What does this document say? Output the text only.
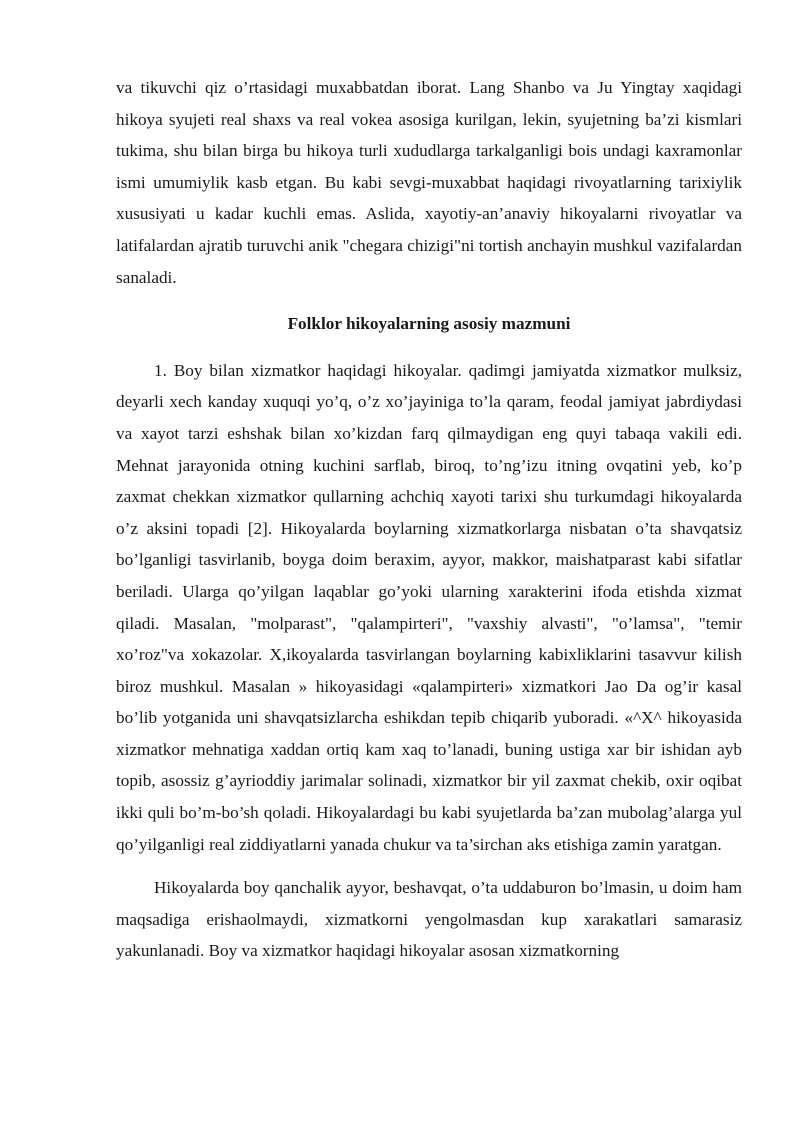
va tikuvchi qiz o’rtasidagi muxabbatdan iborat. Lang Shanbo va Ju Yingtay xaqidagi hikoya syujeti real shaxs va real vokea asosiga kurilgan, lekin, syujetning ba’zi kismlari tukima, shu bilan birga bu hikoya turli xududlarga tarkalganligi bois undagi kaxramonlar ismi umumiylik kasb etgan. Bu kabi sevgi-muxabbat haqidagi rivoyatlarning tarixiylik xususiyati u kadar kuchli emas. Aslida, xayotiy-an’anaviy hikoyalarni rivoyatlar va latifalardan ajratib turuvchi anik "chegara chizigi"ni tortish anchayin mushkul vazifalardan sanaladi.

Folklor hikoyalarning asosiy mazmuni

1. Boy bilan xizmatkor haqidagi hikoyalar. qadimgi jamiyatda xizmatkor mulksiz, deyarli xech kanday xuquqi yo’q, o’z xo’jayiniga to’la qaram, feodal jamiyat jabrdiydasi va xayot tarzi eshshak bilan xo’kizdan farq qilmaydigan eng quyi tabaqa vakili edi. Mehnat jarayonida otning kuchini sarflab, biroq, to’ng’izu itning ovqatini yeb, ko’p zaxmat chekkan xizmatkor qullarning achchiq xayoti tarixi shu turkumdagi hikoyalarda o’z aksini topadi [2]. Hikoyalarda boylarning xizmatkorlarga nisbatan o’ta shavqatsiz bo’lganligi tasvirlanib, boyga doim beraxim, ayyor, makkor, maishatparast kabi sifatlar beriladi. Ularga qo’yilgan laqablar go’yoki ularning xarakterini ifoda etishda xizmat qiladi. Masalan, "molparast", "qalampirteri", "vaxshiy alvasti", "o’lamsa", "temir xo’roz"va xokazolar. X,ikoyalarda tasvirlangan boylarning kabixliklarini tasavvur kilish biroz mushkul. Masalan » hikoyasidagi «qalampirteri» xizmatkori Jao Da og’ir kasal bo’lib yotganida uni shavqatsizlarcha eshikdan tepib chiqarib yuboradi. «^X^ hikoyasida xizmatkor mehnatiga xaddan ortiq kam xaq to’lanadi, buning ustiga xar bir ishidan ayb topib, asossiz g’ayrioddiy jarimalar solinadi, xizmatkor bir yil zaxmat chekib, oxir oqibat ikki quli bo’m-bo’sh qoladi. Hikoyalardagi bu kabi syujetlarda ba’zan mubolag’alarga yul qo’yilganligi real ziddiyatlarni yanada chukur va ta’sirchan aks etishiga zamin yaratgan.

Hikoyalarda boy qanchalik ayyor, beshavqat, o’ta uddaburon bo’lmasin, u doim ham maqsadiga erishaolmaydi, xizmatkorni yengolmasdan kup xarakatlari samarasiz yakunlanadi. Boy va xizmatkor haqidagi hikoyalar asosan xizmatkorning
